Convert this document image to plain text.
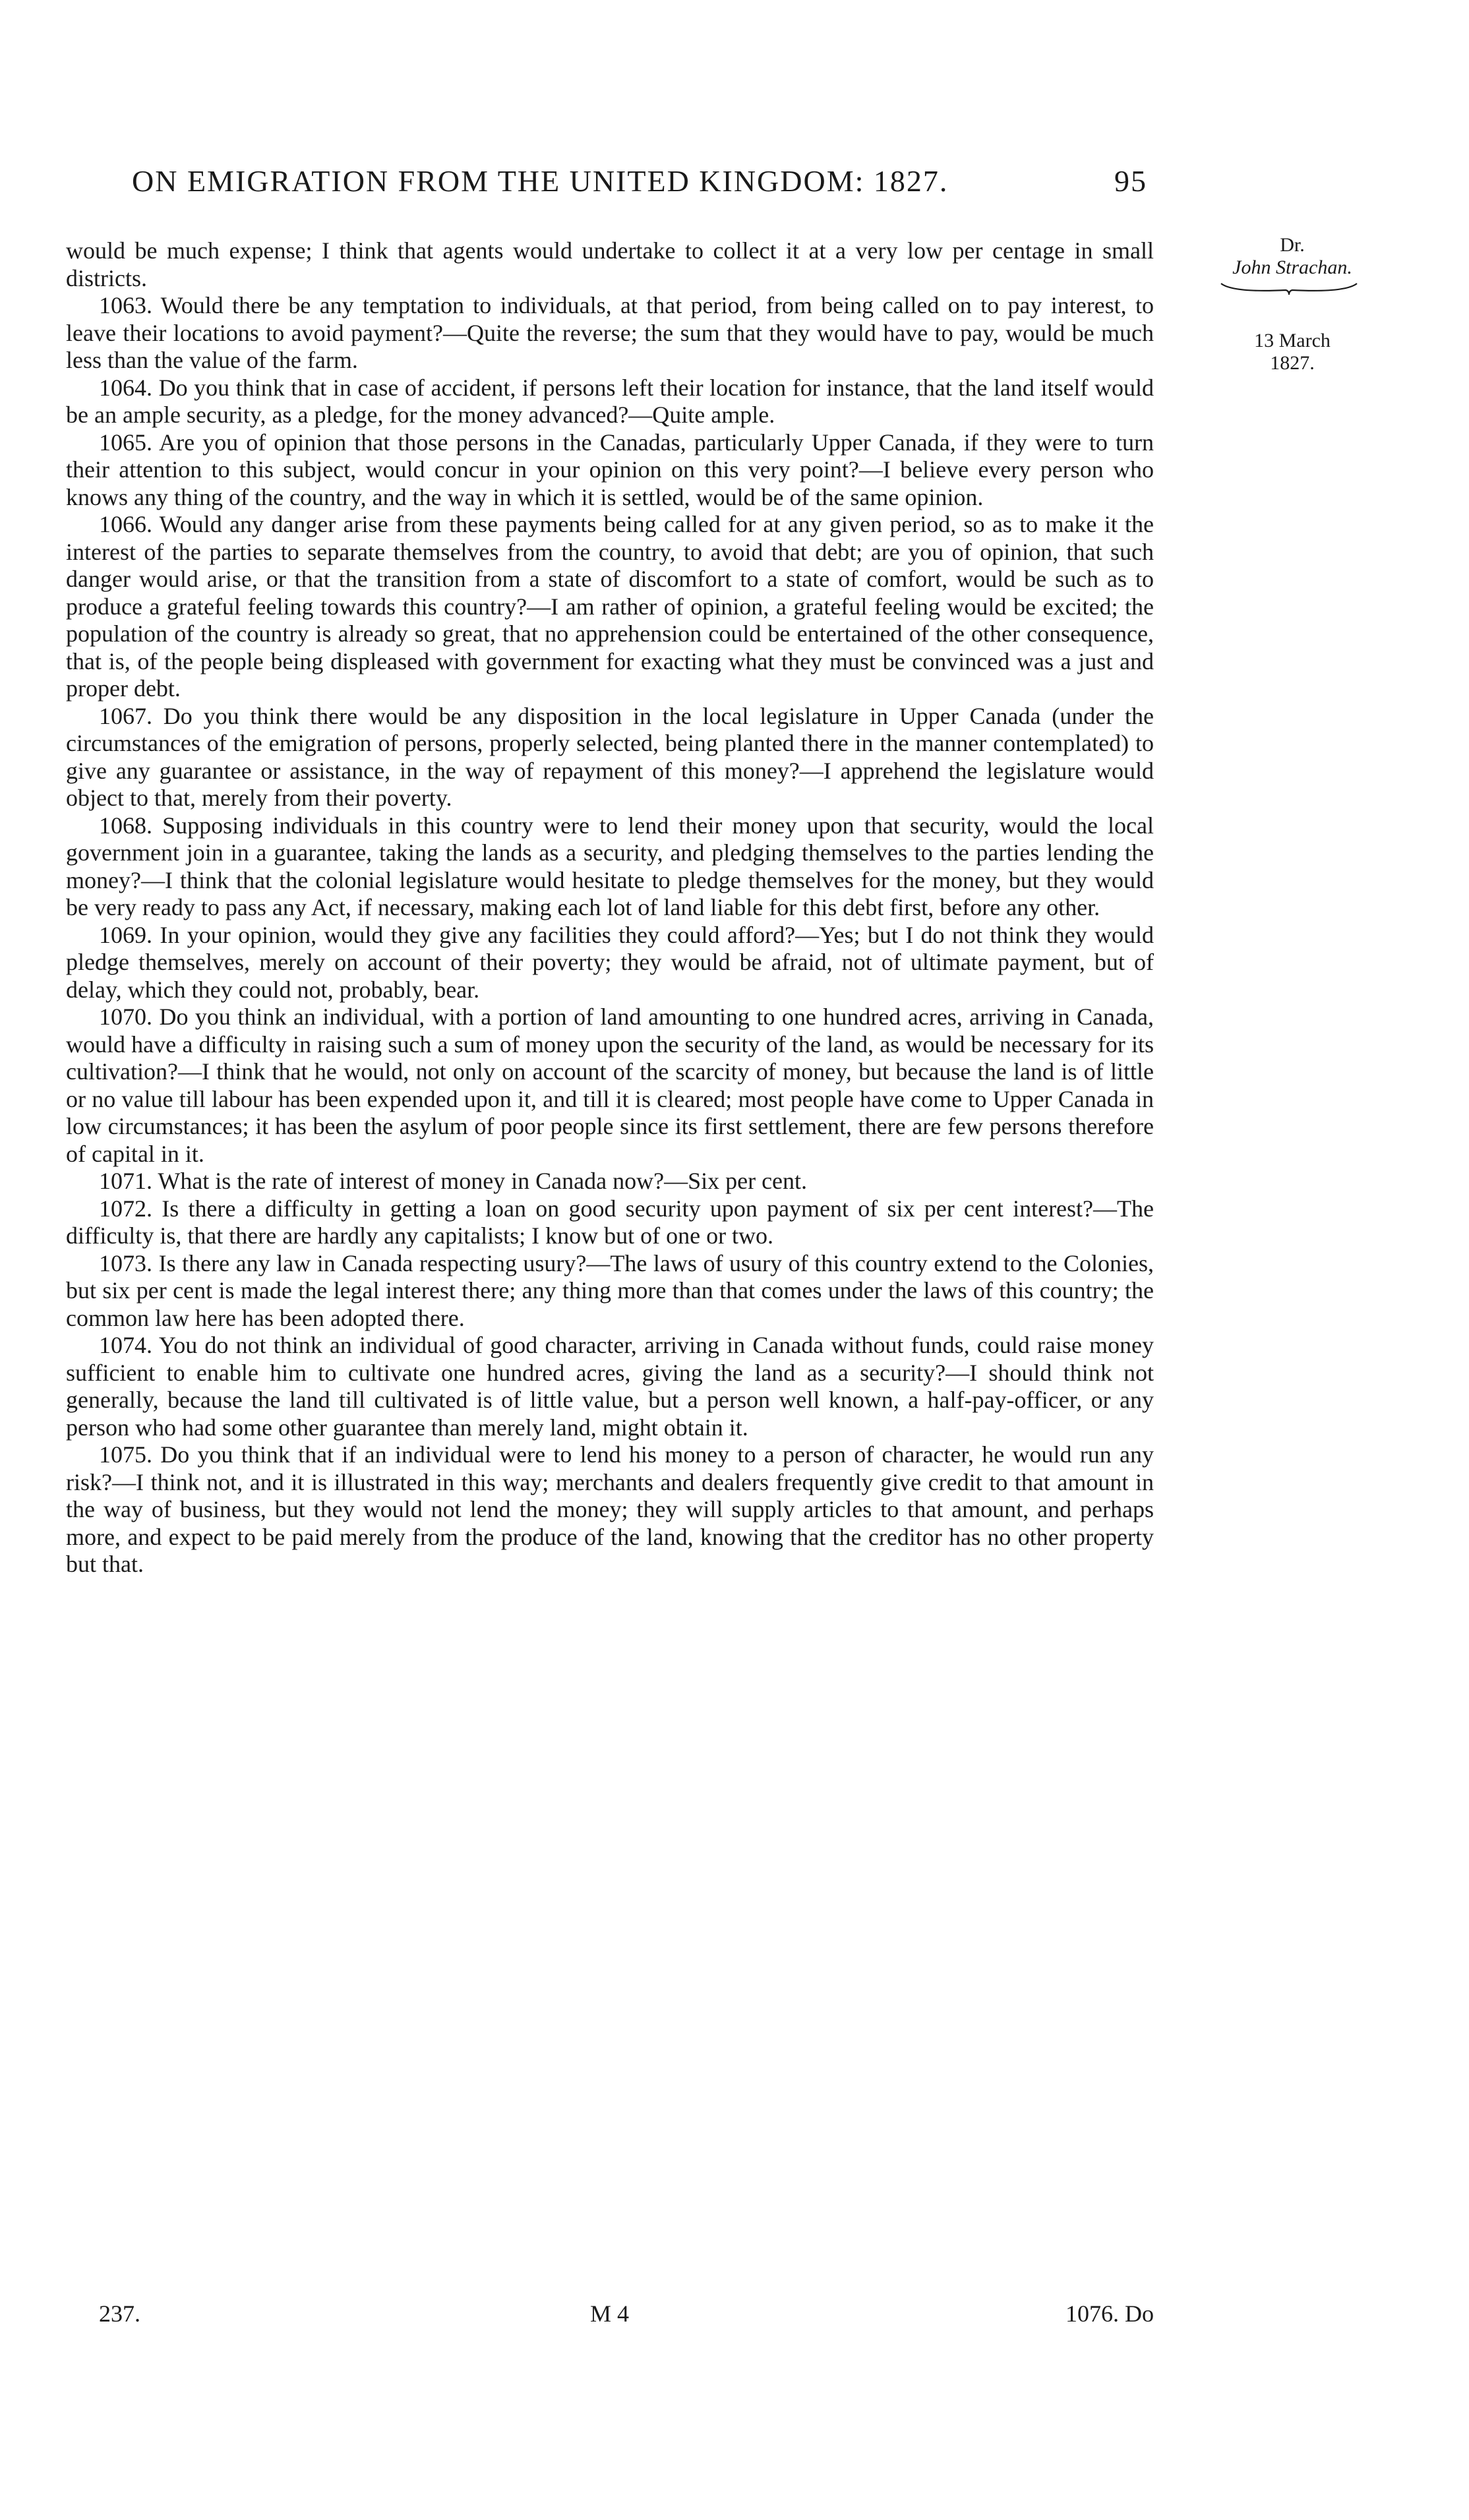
ON EMIGRATION FROM THE UNITED KINGDOM: 1827.	95
Dr.
John Strachan.
13 March
1827.

would be much expense; I think that agents would undertake to collect it at a very low per centage in small districts.

1063. Would there be any temptation to individuals, at that period, from being called on to pay interest, to leave their locations to avoid payment?—Quite the reverse; the sum that they would have to pay, would be much less than the value of the farm.

1064. Do you think that in case of accident, if persons left their location for instance, that the land itself would be an ample security, as a pledge, for the money advanced?—Quite ample.

1065. Are you of opinion that those persons in the Canadas, particularly Upper Canada, if they were to turn their attention to this subject, would concur in your opinion on this very point?—I believe every person who knows any thing of the country, and the way in which it is settled, would be of the same opinion.

1066. Would any danger arise from these payments being called for at any given period, so as to make it the interest of the parties to separate themselves from the country, to avoid that debt; are you of opinion, that such danger would arise, or that the transition from a state of discomfort to a state of comfort, would be such as to produce a grateful feeling towards this country?—I am rather of opinion, a grateful feeling would be excited; the population of the country is already so great, that no apprehension could be entertained of the other consequence, that is, of the people being displeased with government for exacting what they must be convinced was a just and proper debt.

1067. Do you think there would be any disposition in the local legislature in Upper Canada (under the circumstances of the emigration of persons, properly selected, being planted there in the manner contemplated) to give any guarantee or assistance, in the way of repayment of this money?—I apprehend the legislature would object to that, merely from their poverty.

1068. Supposing individuals in this country were to lend their money upon that security, would the local government join in a guarantee, taking the lands as a security, and pledging themselves to the parties lending the money?—I think that the colonial legislature would hesitate to pledge themselves for the money, but they would be very ready to pass any Act, if necessary, making each lot of land liable for this debt first, before any other.

1069. In your opinion, would they give any facilities they could afford?—Yes; but I do not think they would pledge themselves, merely on account of their poverty; they would be afraid, not of ultimate payment, but of delay, which they could not, probably, bear.

1070. Do you think an individual, with a portion of land amounting to one hundred acres, arriving in Canada, would have a difficulty in raising such a sum of money upon the security of the land, as would be necessary for its cultivation?—I think that he would, not only on account of the scarcity of money, but because the land is of little or no value till labour has been expended upon it, and till it is cleared; most people have come to Upper Canada in low circumstances; it has been the asylum of poor people since its first settlement, there are few persons therefore of capital in it.

1071. What is the rate of interest of money in Canada now?—Six per cent.

1072. Is there a difficulty in getting a loan on good security upon payment of six per cent interest?—The difficulty is, that there are hardly any capitalists; I know but of one or two.

1073. Is there any law in Canada respecting usury?—The laws of usury of this country extend to the Colonies, but six per cent is made the legal interest there; any thing more than that comes under the laws of this country; the common law here has been adopted there.

1074. You do not think an individual of good character, arriving in Canada without funds, could raise money sufficient to enable him to cultivate one hundred acres, giving the land as a security?—I should think not generally, because the land till cultivated is of little value, but a person well known, a half-pay-officer, or any person who had some other guarantee than merely land, might obtain it.

1075. Do you think that if an individual were to lend his money to a person of character, he would run any risk?—I think not, and it is illustrated in this way; merchants and dealers frequently give credit to that amount in the way of business, but they would not lend the money; they will supply articles to that amount, and perhaps more, and expect to be paid merely from the produce of the land, knowing that the creditor has no other property but that.

237.	M 4	1076. Do
